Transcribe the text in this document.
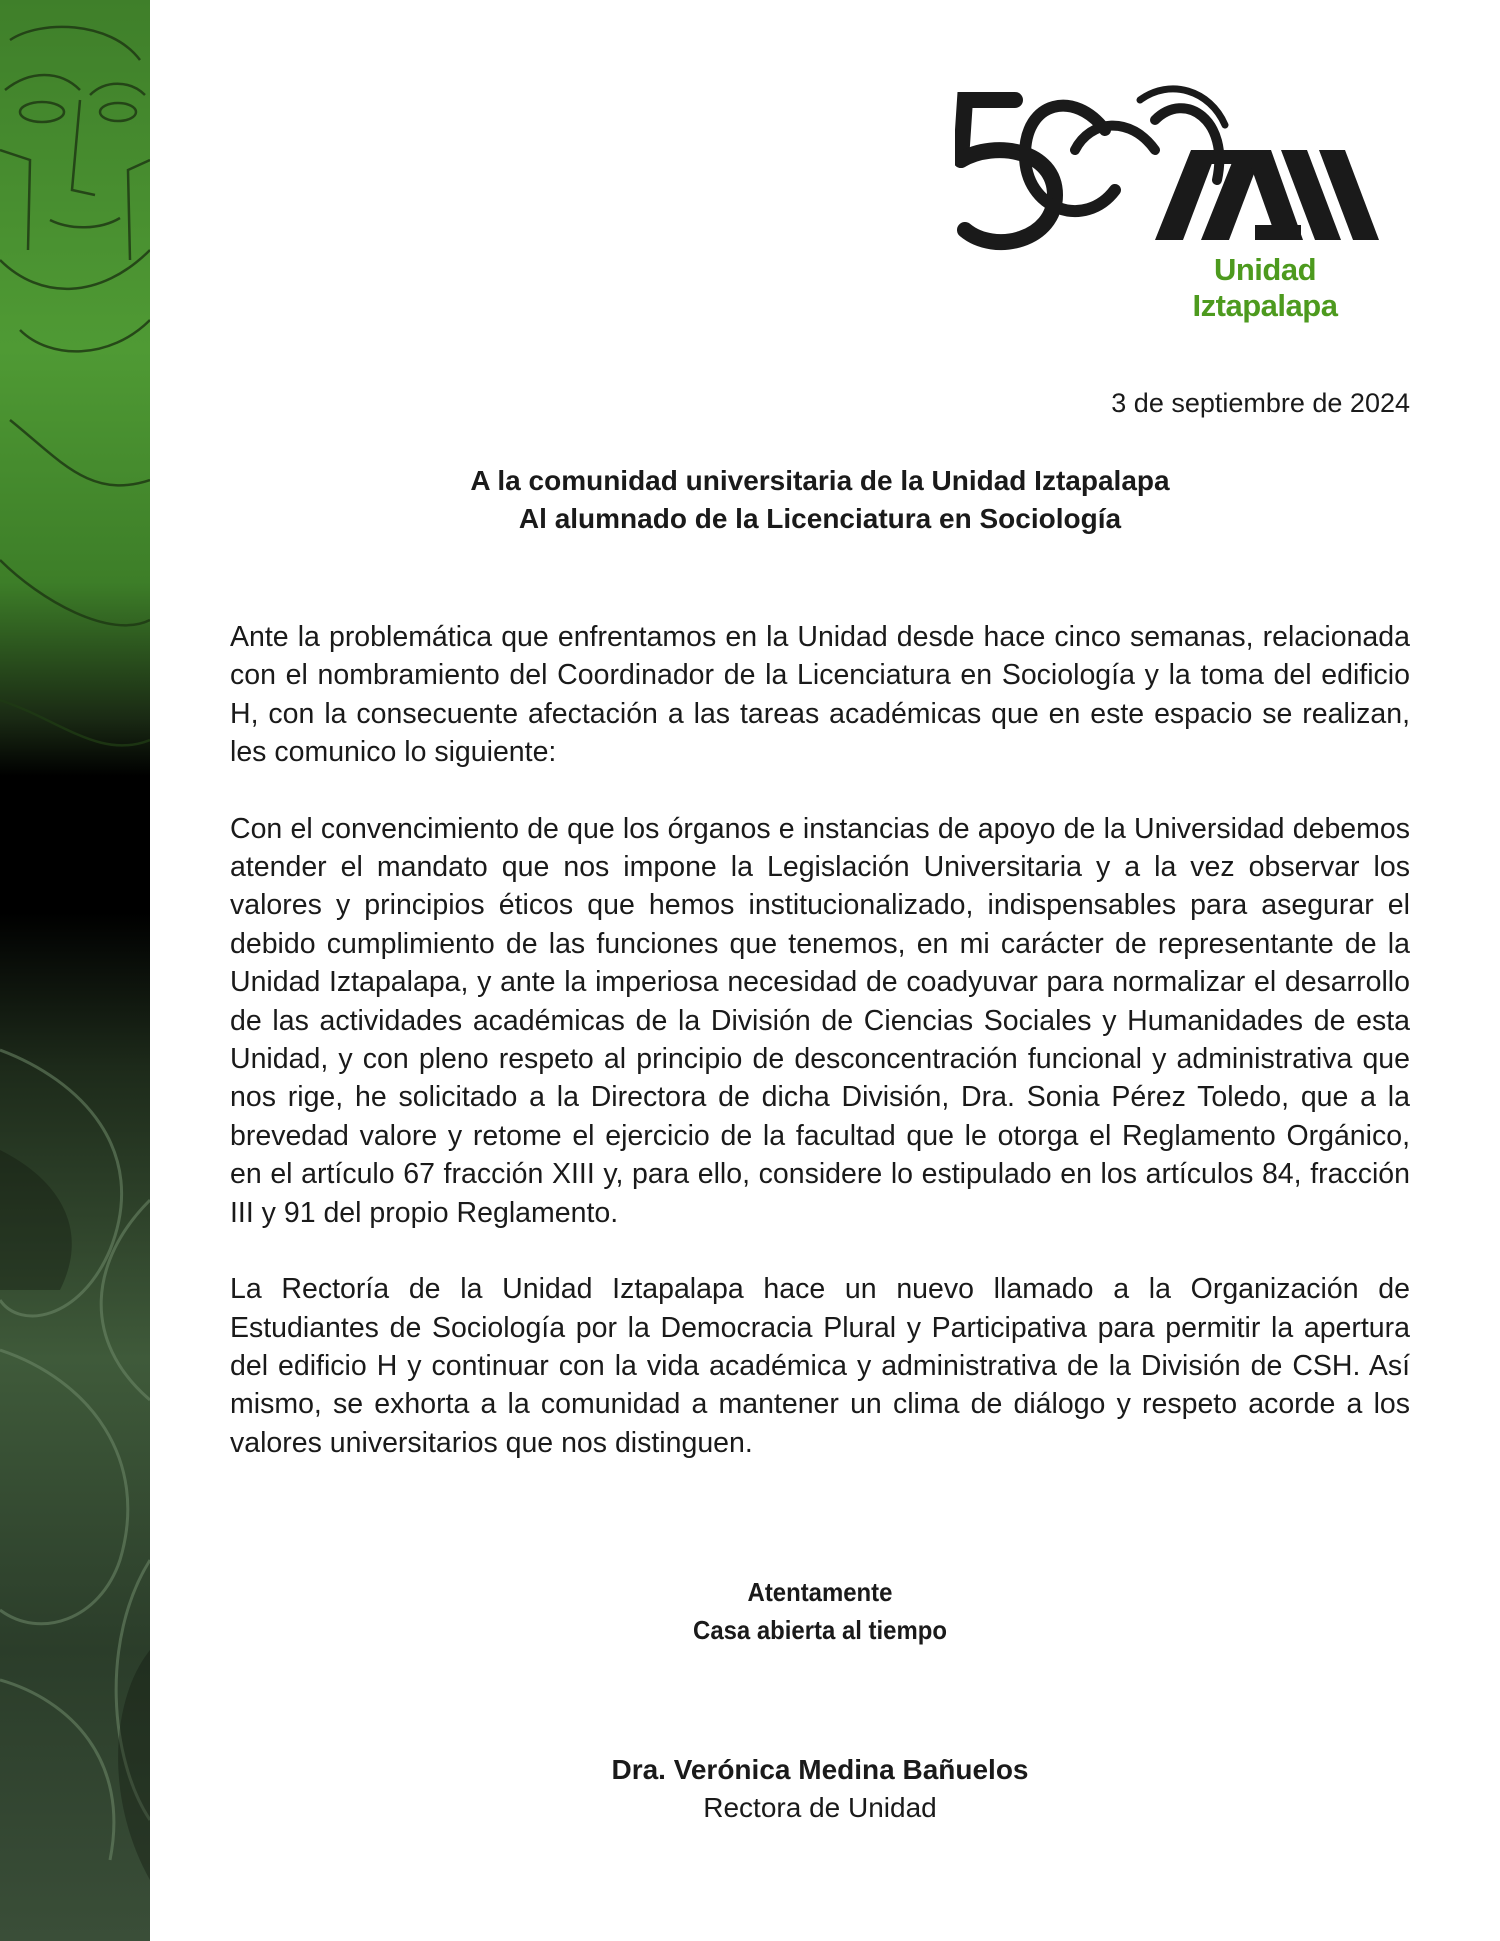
Unidad Iztapalapa
3 de septiembre de 2024
A la comunidad universitaria de la Unidad Iztapalapa
Al alumnado de la Licenciatura en Sociología

Ante la problemática que enfrentamos en la Unidad desde hace cinco semanas, relacionada con el nombramiento del Coordinador de la Licenciatura en Sociología y la toma del edificio H, con la consecuente afectación a las tareas académicas que en este espacio se realizan, les comunico lo siguiente:

Con el convencimiento de que los órganos e instancias de apoyo de la Universidad debemos atender el mandato que nos impone la Legislación Universitaria y a la vez observar los valores y principios éticos que hemos institucionalizado, indispensables para asegurar el debido cumplimiento de las funciones que tenemos, en mi carácter de representante de la Unidad Iztapalapa, y ante la imperiosa necesidad de coadyuvar para normalizar el desarrollo de las actividades académicas de la División de Ciencias Sociales y Humanidades de esta Unidad, y con pleno respeto al principio de desconcentración funcional y administrativa que nos rige, he solicitado a la Directora de dicha División, Dra. Sonia Pérez Toledo, que a la brevedad valore y retome el ejercicio de la facultad que le otorga el Reglamento Orgánico, en el artículo 67 fracción XIII y, para ello, considere lo estipulado en los artículos 84, fracción III y 91 del propio Reglamento.

La Rectoría de la Unidad Iztapalapa hace un nuevo llamado a la Organización de Estudiantes de Sociología por la Democracia Plural y Participativa para permitir la apertura del edificio H y continuar con la vida académica y administrativa de la División de CSH. Así mismo, se exhorta a la comunidad a mantener un clima de diálogo y respeto acorde a los valores universitarios que nos distinguen.

Atentamente
Casa abierta al tiempo
Dra. Verónica Medina Bañuelos
Rectora de Unidad
